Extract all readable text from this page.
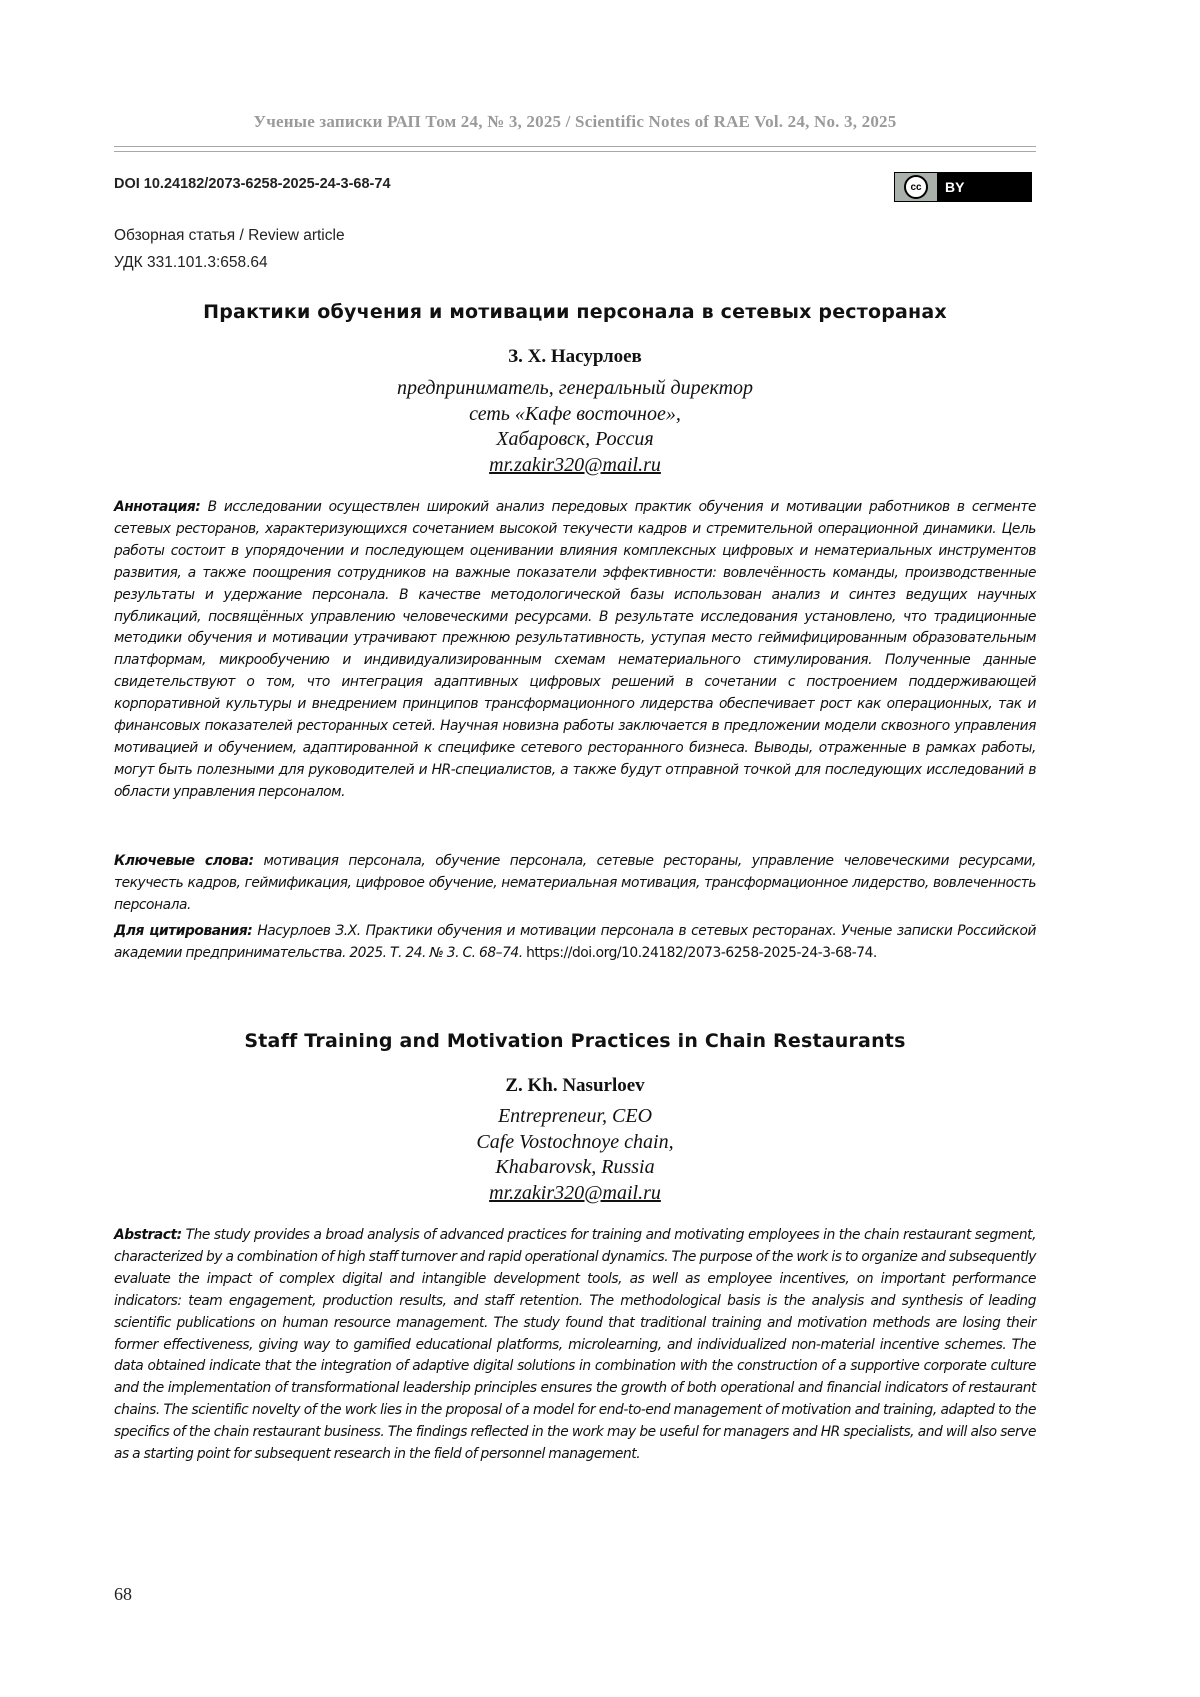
Ученые записки РАП Том 24, № 3, 2025 / Scientific Notes of RAE Vol. 24, No. 3, 2025
DOI 10.24182/2073-6258-2025-24-3-68-74	cc	BY
Обзорная статья / Review article
УДК 331.101.3:658.64
Практики обучения и мотивации персонала в сетевых ресторанах
З. Х. Насурлоев
предприниматель, генеральный директор
сеть «Кафе восточное»,
Хабаровск, Россия
mr.zakir320@mail.ru
Аннотация: В исследовании осуществлен широкий анализ передовых практик обучения и мотивации работников в сегменте сетевых ресторанов, характеризующихся сочетанием высокой текучести кадров и стремительной операционной динамики. Цель работы состоит в упорядочении и последующем оценивании влияния комплексных цифровых и нематериальных инструментов развития, а также поощрения сотрудников на важные показатели эффективности: вовлечённость команды, производственные результаты и удержание персонала. В качестве методологической базы использован анализ и синтез ведущих научных публикаций, посвящённых управлению человеческими ресурсами. В результате исследования установлено, что традиционные методики обучения и мотивации утрачивают прежнюю результативность, уступая место геймифицированным образовательным платформам, микрообучению и индивидуализированным схемам нематериального стимулирования. Полученные данные свидетельствуют о том, что интеграция адаптивных цифровых решений в сочетании с построением поддерживающей корпоративной культуры и внедрением принципов трансформационного лидерства обеспечивает рост как операционных, так и финансовых показателей ресторанных сетей. Научная новизна работы заключается в предложении модели сквозного управления мотивацией и обучением, адаптированной к специфике сетевого ресторанного бизнеса. Выводы, отраженные в рамках работы, могут быть полезными для руководителей и HR-специалистов, а также будут отправной точкой для последующих исследований в области управления персоналом.
Ключевые слова: мотивация персонала, обучение персонала, сетевые рестораны, управление человеческими ресурсами, текучесть кадров, геймификация, цифровое обучение, нематериальная мотивация, трансформационное лидерство, вовлеченность персонала.
Для цитирования: Насурлоев З.Х. Практики обучения и мотивации персонала в сетевых ресторанах. Ученые записки Российской академии предпринимательства. 2025. Т. 24. № 3. С. 68–74. https://doi.org/10.24182/2073-6258-2025-24-3-68-74.
Staff Training and Motivation Practices in Chain Restaurants
Z. Kh. Nasurloev
Entrepreneur, CEO
Cafe Vostochnoye chain,
Khabarovsk, Russia
mr.zakir320@mail.ru
Abstract: The study provides a broad analysis of advanced practices for training and motivating employees in the chain restaurant segment, characterized by a combination of high staff turnover and rapid operational dynamics. The purpose of the work is to organize and subsequently evaluate the impact of complex digital and intangible development tools, as well as employee incentives, on important performance indicators: team engagement, production results, and staff retention. The methodological basis is the analysis and synthesis of leading scientific publications on human resource management. The study found that traditional training and motivation methods are losing their former effectiveness, giving way to gamified educational platforms, microlearning, and individualized non-material incentive schemes. The data obtained indicate that the integration of adaptive digital solutions in combination with the construction of a supportive corporate culture and the implementation of transformational leadership principles ensures the growth of both operational and financial indicators of restaurant chains. The scientific novelty of the work lies in the proposal of a model for end-to-end management of motivation and training, adapted to the specifics of the chain restaurant business. The findings reflected in the work may be useful for managers and HR specialists, and will also serve as a starting point for subsequent research in the field of personnel management.
68
